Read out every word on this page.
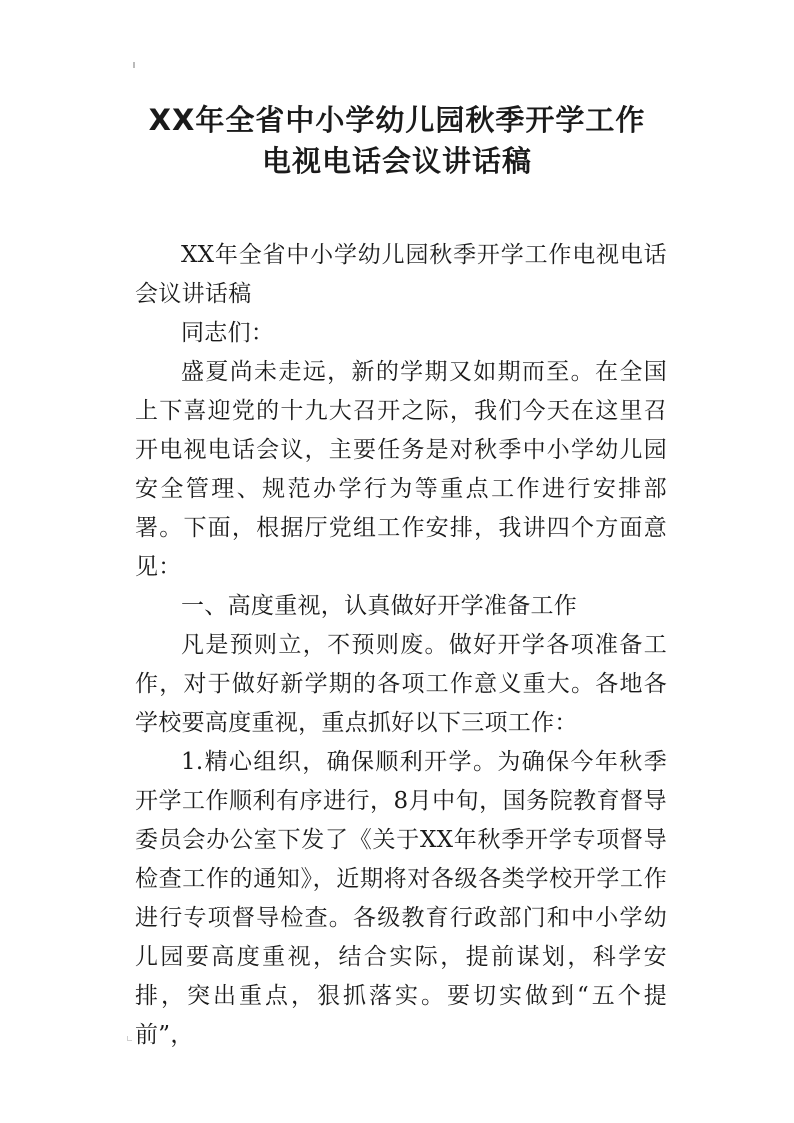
XX年全省中小学幼儿园秋季开学工作
电视电话会议讲话稿

XX年全省中小学幼儿园秋季开学工作电视电话会议讲话稿

同志们：

盛夏尚未走远，新的学期又如期而至。在全国上下喜迎党的十九大召开之际，我们今天在这里召开电视电话会议，主要任务是对秋季中小学幼儿园安全管理、规范办学行为等重点工作进行安排部署。下面，根据厅党组工作安排，我讲四个方面意见：

一、高度重视，认真做好开学准备工作

凡是预则立，不预则废。做好开学各项准备工作，对于做好新学期的各项工作意义重大。各地各学校要高度重视，重点抓好以下三项工作：

1.精心组织，确保顺利开学。为确保今年秋季开学工作顺利有序进行，8月中旬，国务院教育督导委员会办公室下发了《关于XX年秋季开学专项督导检查工作的通知》，近期将对各级各类学校开学工作进行专项督导检查。各级教育行政部门和中小学幼儿园要高度重视，结合实际，提前谋划，科学安排，突出重点，狠抓落实。要切实做到“五个提前”，
